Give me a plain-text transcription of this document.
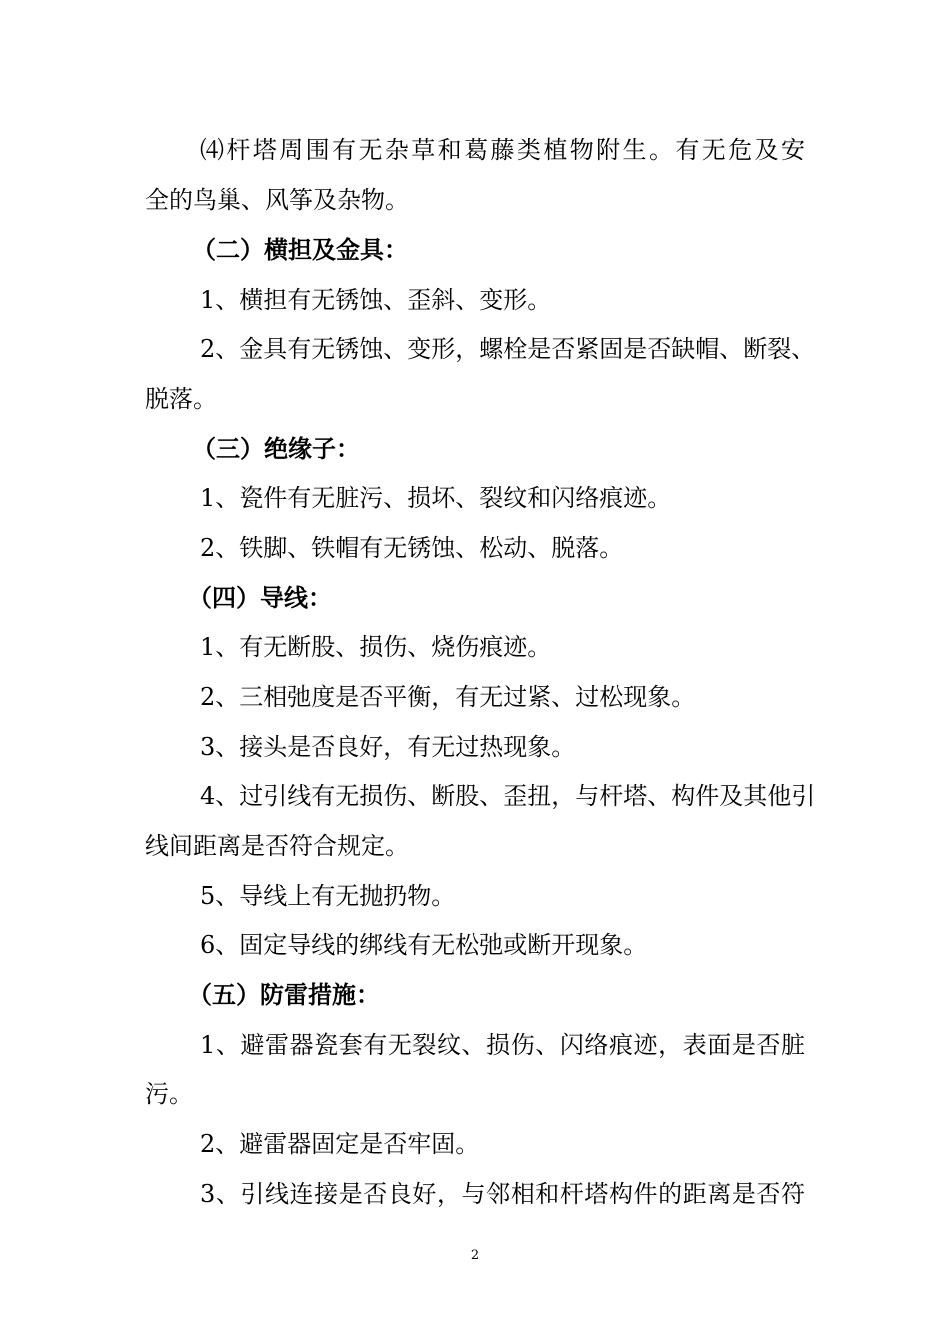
⑷杆塔周围有无杂草和葛藤类植物附生。有无危及安
全的鸟巢、风筝及杂物。
（二）横担及金具：
1、横担有无锈蚀、歪斜、变形。
2、金具有无锈蚀、变形，螺栓是否紧固是否缺帽、断裂、
脱落。
（三）绝缘子：
1、瓷件有无脏污、损坏、裂纹和闪络痕迹。
2、铁脚、铁帽有无锈蚀、松动、脱落。
（四）导线：
1、有无断股、损伤、烧伤痕迹。
2、三相弛度是否平衡，有无过紧、过松现象。
3、接头是否良好，有无过热现象。
4、过引线有无损伤、断股、歪扭，与杆塔、构件及其他引
线间距离是否符合规定。
5、导线上有无抛扔物。
6、固定导线的绑线有无松弛或断开现象。
（五）防雷措施：
1、避雷器瓷套有无裂纹、损伤、闪络痕迹，表面是否脏
污。
2、避雷器固定是否牢固。
3、引线连接是否良好，与邻相和杆塔构件的距离是否符
2
